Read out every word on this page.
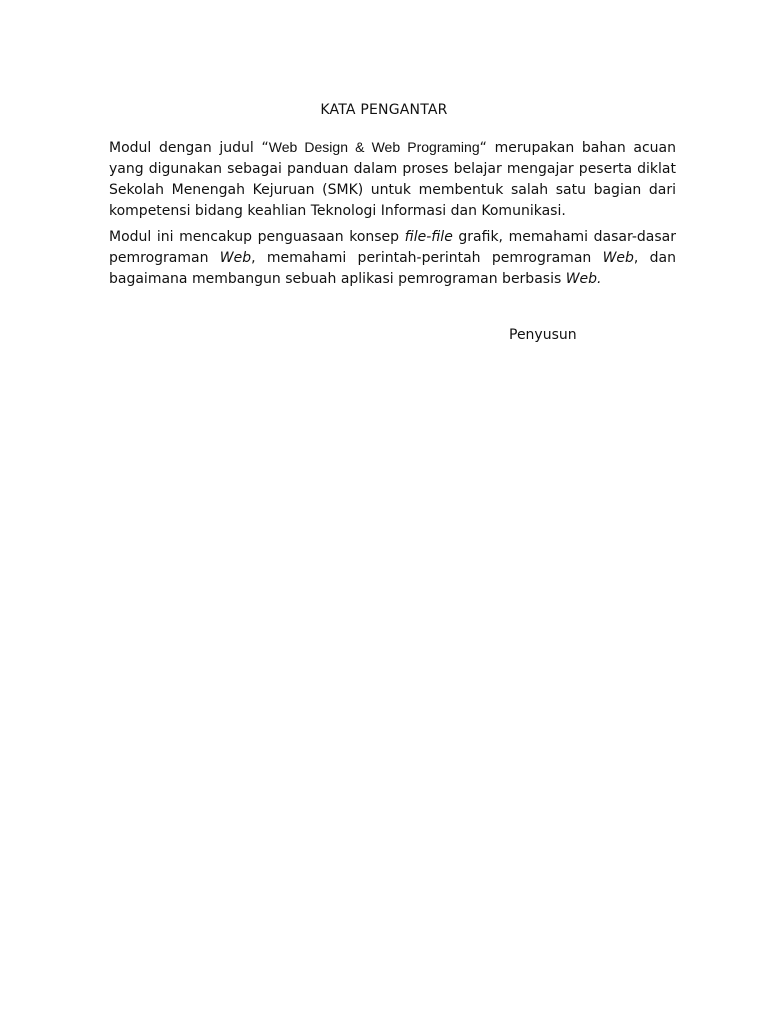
KATA PENGANTAR

Modul dengan judul “Web Design & Web Programing“ merupakan bahan acuan yang digunakan sebagai panduan dalam proses belajar mengajar peserta diklat Sekolah Menengah Kejuruan (SMK) untuk membentuk salah satu bagian dari kompetensi bidang keahlian Teknologi Informasi dan Komunikasi.

Modul ini mencakup penguasaan konsep file-file grafik, memahami dasar-dasar pemrograman Web, memahami perintah-perintah pemrograman Web, dan bagaimana membangun sebuah aplikasi pemrograman berbasis Web.

Penyusun
